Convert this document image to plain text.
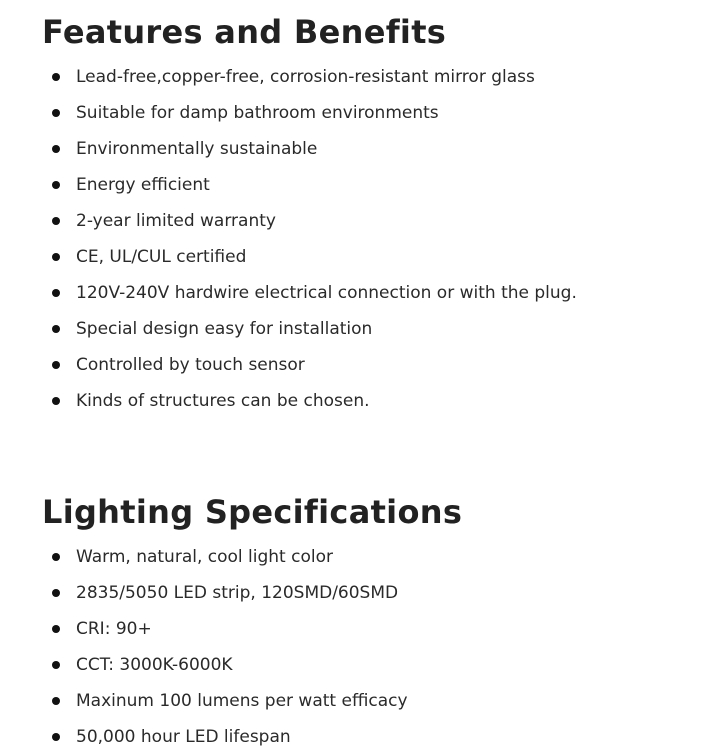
Features and Benefits
Lead-free,copper-free, corrosion-resistant mirror glass
Suitable for damp bathroom environments
Environmentally sustainable
Energy efficient
2-year limited warranty
CE, UL/CUL certified
120V-240V hardwire electrical connection or with the plug.
Special design easy for installation
Controlled by touch sensor
Kinds of structures can be chosen.
Lighting Specifications
Warm, natural, cool light color
2835/5050 LED strip, 120SMD/60SMD
CRI: 90+
CCT: 3000K-6000K
Maxinum 100 lumens per watt efficacy
50,000 hour LED lifespan
